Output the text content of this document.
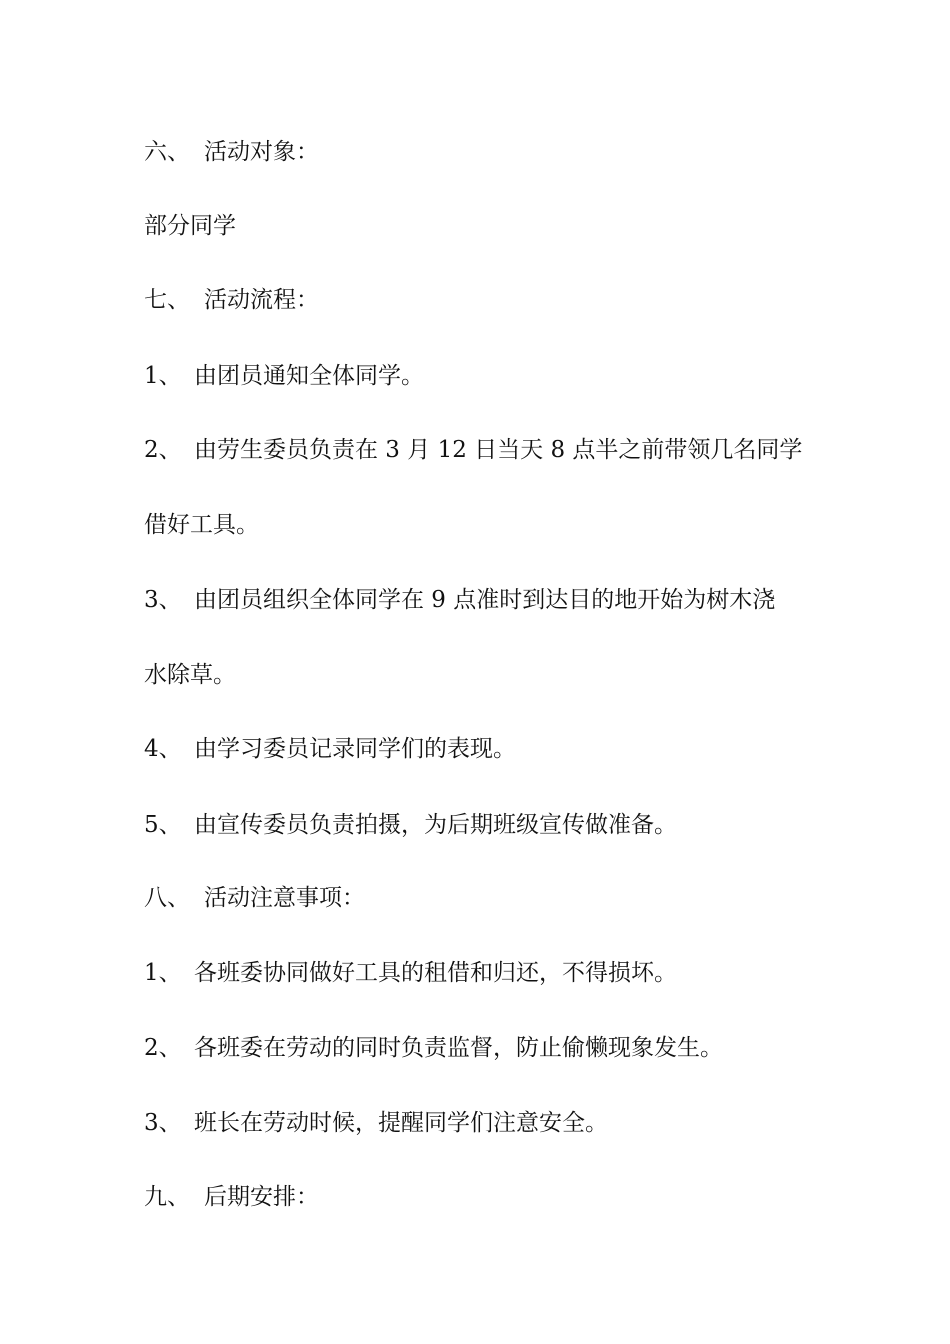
六、 活动对象：
部分同学
七、 活动流程：
1、 由团员通知全体同学。
2、 由劳生委员负责在 3 月 12 日当天 8 点半之前带领几名同学
借好工具。
3、 由团员组织全体同学在 9 点准时到达目的地开始为树木浇
水除草。
4、 由学习委员记录同学们的表现。
5、 由宣传委员负责拍摄，为后期班级宣传做准备。
八、 活动注意事项：
1、 各班委协同做好工具的租借和归还，不得损坏。
2、 各班委在劳动的同时负责监督，防止偷懒现象发生。
3、 班长在劳动时候，提醒同学们注意安全。
九、 后期安排：
